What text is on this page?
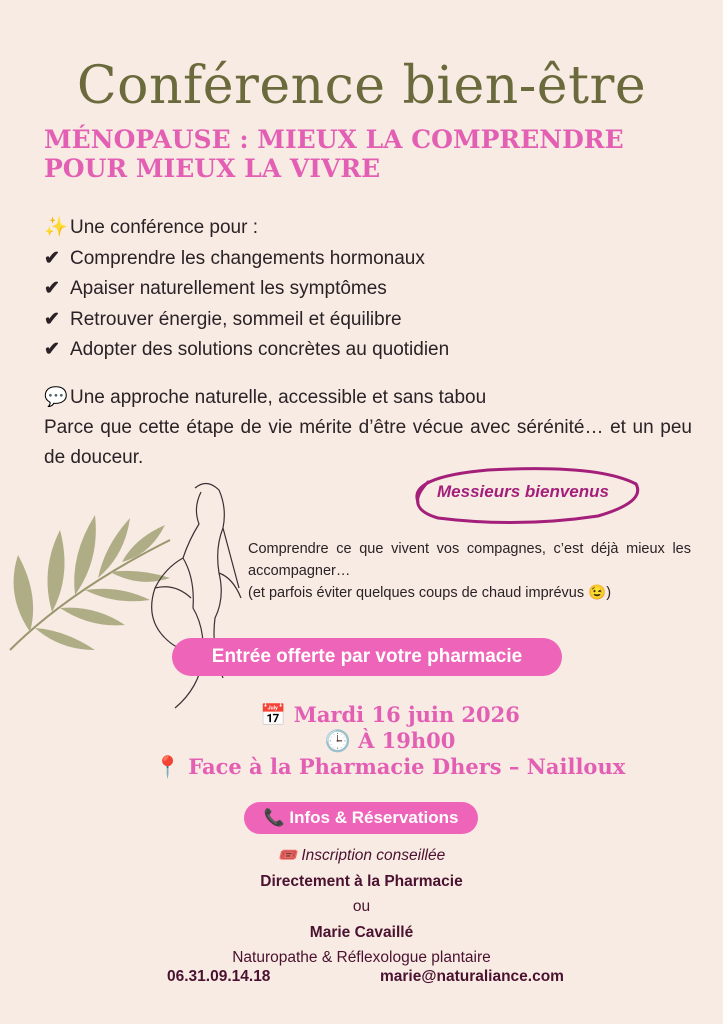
Conférence bien-être
MÉNOPAUSE : MIEUX LA COMPRENDRE POUR MIEUX LA VIVRE
✨ Une conférence pour :
✔ Comprendre les changements hormonaux
✔ Apaiser naturellement les symptômes
✔ Retrouver énergie, sommeil et équilibre
✔ Adopter des solutions concrètes au quotidien
💬 Une approche naturelle, accessible et sans tabou
Parce que cette étape de vie mérite d’être vécue avec sérénité… et un peu de douceur.
Messieurs bienvenus
Comprendre ce que vivent vos compagnes, c’est déjà mieux les accompagner…
(et parfois éviter quelques coups de chaud imprévus 😉)
Entrée offerte par votre pharmacie
📅 Mardi 16 juin 2026
🕒 À 19h00
📍 Face à la Pharmacie Dhers – Nailloux
📞 Infos & Réservations
🎟️ Inscription conseillée
Directement à la Pharmacie
ou
Marie Cavaillé
Naturopathe & Réflexologue plantaire
06.31.09.14.18	marie@naturaliance.com
